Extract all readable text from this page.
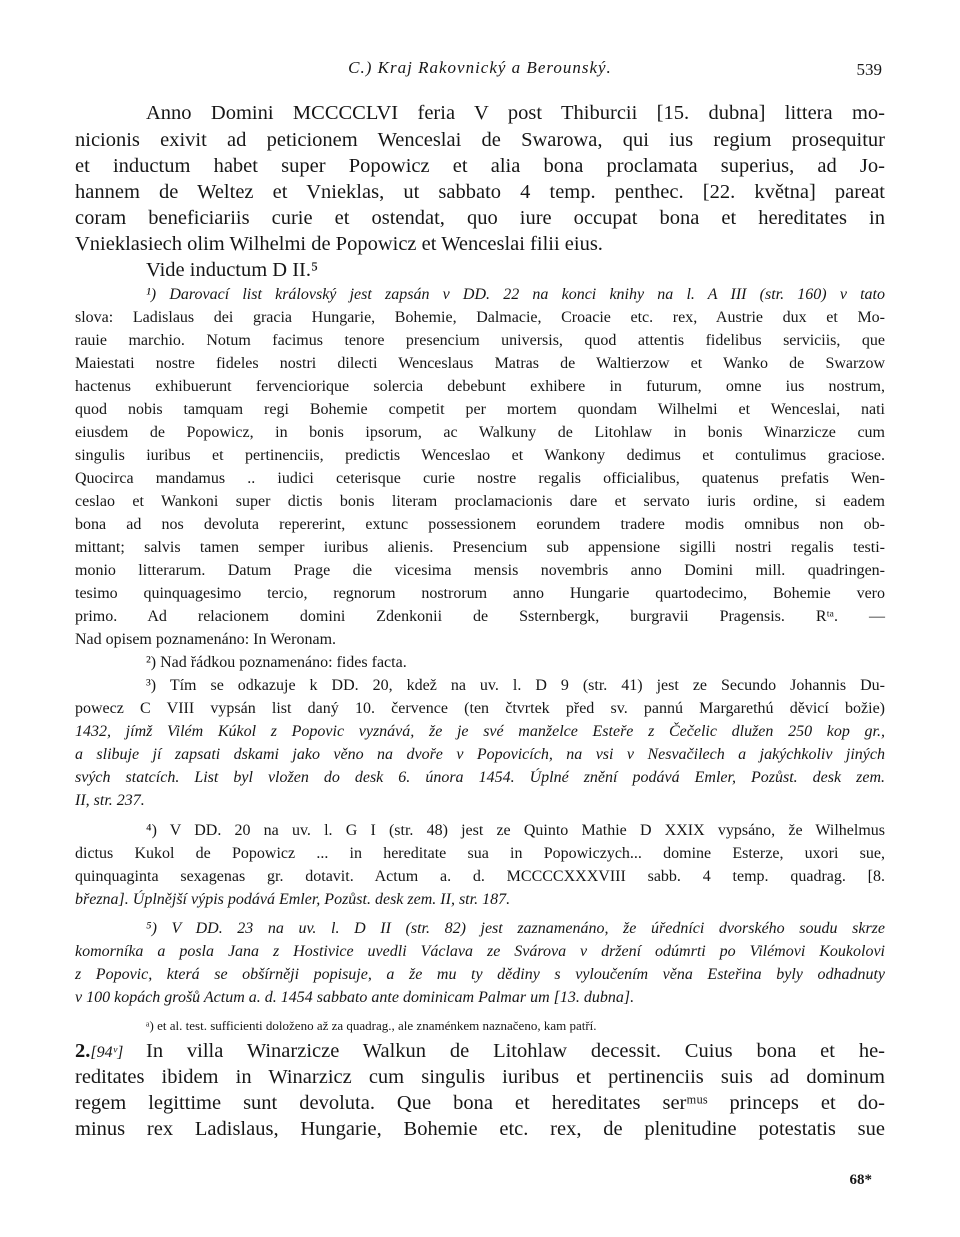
C.) Kraj Rakovnický a Berounský.	539
Anno Domini MCCCCLVI feria V post Thiburcii [15. dubna] littera mo-
nicionis exivit ad peticionem Wenceslai de Swarowa, qui ius regium prosequitur
et inductum habet super Popowicz et alia bona proclamata superius, ad Jo-
hannem de Weltez et Vnieklas, ut sabbato 4 temp. penthec. [22. května] pareat
coram beneficiariis curie et ostendat, quo iure occupat bona et hereditates in
Vnieklasiech olim Wilhelmi de Popowicz et Wenceslai filii eius.
Vide inductum D II.⁵
¹) Darovací list královský jest zapsán v DD. 22 na konci knihy na l. A III (str. 160) v tato
slova: Ladislaus dei gracia Hungarie, Bohemie, Dalmacie, Croacie etc. rex, Austrie dux et Mo-
rauie marchio. Notum facimus tenore presencium universis, quod attentis fidelibus serviciis, que
Maiestati nostre fideles nostri dilecti Wenceslaus Matras de Waltierzow et Wanko de Swarzow
hactenus exhibuerunt fervenciorique solercia debebunt exhibere in futurum, omne ius nostrum,
quod nobis tamquam regi Bohemie competit per mortem quondam Wilhelmi et Wenceslai, nati
eiusdem de Popowicz, in bonis ipsorum, ac Walkuny de Litohlaw in bonis Winarzicze cum
singulis iuribus et pertinenciis, predictis Wenceslao et Wankony dedimus et contulimus graciose.
Quocirca mandamus .. iudici ceterisque curie nostre regalis officialibus, quatenus prefatis Wen-
ceslao et Wankoni super dictis bonis literam proclamacionis dare et servato iuris ordine, si eadem
bona ad nos devoluta repererint, extunc possessionem eorundem tradere modis omnibus non ob-
mittant; salvis tamen semper iuribus alienis. Presencium sub appensione sigilli nostri regalis testi-
monio litterarum. Datum Prage die vicesima mensis novembris anno Domini mill. quadringen-
tesimo quinquagesimo tercio, regnorum nostrorum anno Hungarie quartodecimo, Bohemie vero
primo. Ad relacionem domini Zdenkonii de Ssternbergk, burgravii Pragensis. Rᵗᵃ. —
Nad opisem poznamenáno: In Weronam.
²) Nad řádkou poznamenáno: fides facta.
³) Tím se odkazuje k DD. 20, kdež na uv. l. D 9 (str. 41) jest ze Secundo Johannis Du-
powecz C VIII vypsán list daný 10. července (ten čtvrtek před sv. pannú Margarethú děvicí božie)
1432, jímž Vilém Kúkol z Popovic vyznává, že je své manželce Esteře z Čečelic dlužen 250 kop gr.,
a slibuje jí zapsati dskami jako věno na dvoře v Popovicích, na vsi v Nesvačilech a jakýchkoliv jiných
svých statcích. List byl vložen do desk 6. února 1454. Úplné znění podává Emler, Pozůst. desk zem.
II, str. 237.
⁴) V DD. 20 na uv. l. G I (str. 48) jest ze Quinto Mathie D XXIX vypsáno, že Wilhelmus
dictus Kukol de Popowicz ... in hereditate sua in Popowiczych... domine Esterze, uxori sue,
quinquaginta sexagenas gr. dotavit. Actum a. d. MCCCCXXXVIII sabb. 4 temp. quadrag. [8.
března]. Úplnější výpis podává Emler, Pozůst. desk zem. II, str. 187.
⁵) V DD. 23 na uv. l. D II (str. 82) jest zaznamenáno, že úředníci dvorského soudu skrze
komorníka a posla Jana z Hostivice uvedli Václava ze Svárova v držení odúmrti po Vilémovi Koukolovi
z Popovic, která se obšírněji popisuje, a že mu ty dědiny s vyloučením věna Esteřina byly odhadnuty
v 100 kopách grošů Actum a. d. 1454 sabbato ante dominicam Palmar um [13. dubna].
ᵃ) et al. test. sufficienti doloženo až za quadrag., ale znaménkem naznačeno, kam patří.
2.[94ᵛ]	In villa Winarzicze Walkun de Litohlaw decessit. Cuius bona et he-
reditates ibidem in Winarzicz cum singulis iuribus et pertinenciis suis ad dominum
regem legittime sunt devoluta. Que bona et hereditates serᵐᵘˢ princeps et do-
minus rex Ladislaus, Hungarie, Bohemie etc. rex, de plenitudine potestatis sue
68*
